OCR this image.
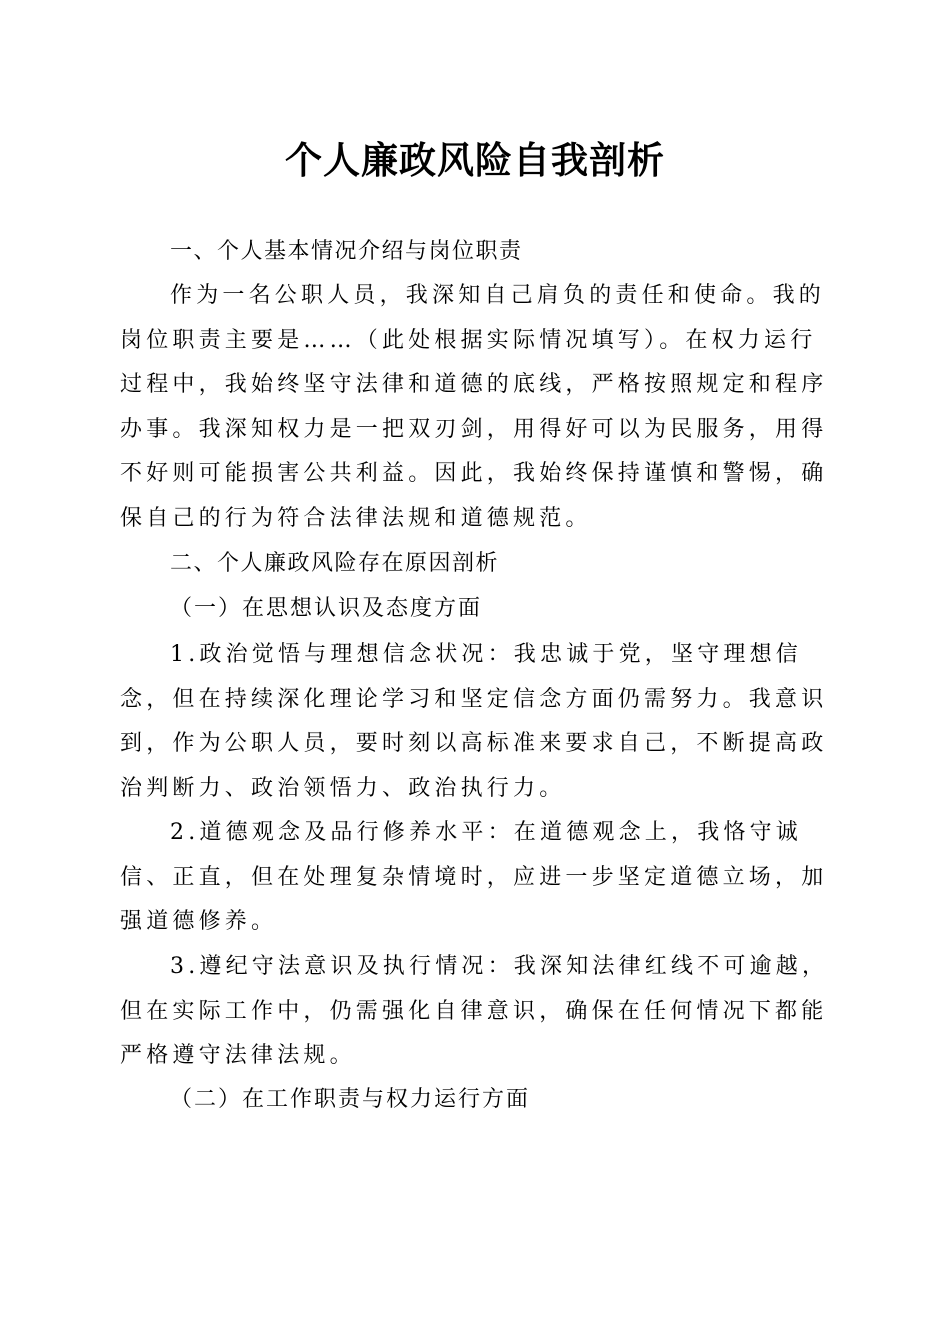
个人廉政风险自我剖析
一、个人基本情况介绍与岗位职责

作为一名公职人员，我深知自己肩负的责任和使命。我的岗位职责主要是……（此处根据实际情况填写）。在权力运行过程中，我始终坚守法律和道德的底线，严格按照规定和程序办事。我深知权力是一把双刃剑，用得好可以为民服务，用得不好则可能损害公共利益。因此，我始终保持谨慎和警惕，确保自己的行为符合法律法规和道德规范。

二、个人廉政风险存在原因剖析
（一）在思想认识及态度方面

1.政治觉悟与理想信念状况：我忠诚于党，坚守理想信念，但在持续深化理论学习和坚定信念方面仍需努力。我意识到，作为公职人员，要时刻以高标准来要求自己，不断提高政治判断力、政治领悟力、政治执行力。

2.道德观念及品行修养水平：在道德观念上，我恪守诚信、正直，但在处理复杂情境时，应进一步坚定道德立场，加强道德修养。

3.遵纪守法意识及执行情况：我深知法律红线不可逾越，但在实际工作中，仍需强化自律意识，确保在任何情况下都能严格遵守法律法规。

（二）在工作职责与权力运行方面
